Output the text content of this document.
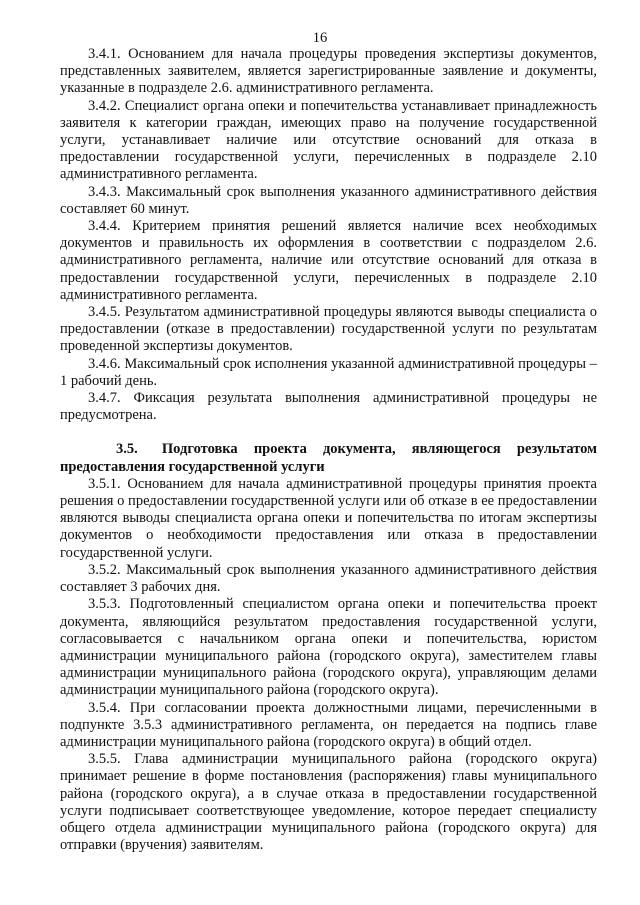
16

3.4.1. Основанием для начала процедуры проведения экспертизы документов, представленных заявителем, является зарегистрированные заявление и документы, указанные в подразделе 2.6. административного регламента.

3.4.2. Специалист органа опеки и попечительства устанавливает принадлежность заявителя к категории граждан, имеющих право на получение государственной услуги, устанавливает наличие или отсутствие оснований для отказа в предоставлении государственной услуги, перечисленных в подразделе 2.10 административного регламента.

3.4.3. Максимальный срок выполнения указанного административного действия составляет 60 минут.

3.4.4. Критерием принятия решений является наличие всех необходимых документов и правильность их оформления в соответствии с подразделом 2.6. административного регламента, наличие или отсутствие оснований для отказа в предоставлении государственной услуги, перечисленных в подразделе 2.10 административного регламента.

3.4.5. Результатом административной процедуры являются выводы специалиста о предоставлении (отказе в предоставлении) государственной услуги по результатам проведенной экспертизы документов.

3.4.6. Максимальный срок исполнения указанной административной процедуры – 1 рабочий день.

3.4.7. Фиксация результата выполнения административной процедуры не предусмотрена.

3.5. Подготовка проекта документа, являющегося результатом предоставления государственной услуги

3.5.1. Основанием для начала административной процедуры принятия проекта решения о предоставлении государственной услуги или об отказе в ее предоставлении являются выводы специалиста органа опеки и попечительства по итогам экспертизы документов о необходимости предоставления или отказа в предоставлении государственной услуги.

3.5.2. Максимальный срок выполнения указанного административного действия составляет 3 рабочих дня.

3.5.3. Подготовленный специалистом органа опеки и попечительства проект документа, являющийся результатом предоставления государственной услуги, согласовывается с начальником органа опеки и попечительства, юристом администрации муниципального района (городского округа), заместителем главы администрации муниципального района (городского округа), управляющим делами администрации муниципального района (городского округа).

3.5.4. При согласовании проекта должностными лицами, перечисленными в подпункте 3.5.3 административного регламента, он передается на подпись главе администрации муниципального района (городского округа) в общий отдел.

3.5.5. Глава администрации муниципального района (городского округа) принимает решение в форме постановления (распоряжения) главы муниципального района (городского округа), а в случае отказа в предоставлении государственной услуги подписывает соответствующее уведомление, которое передает специалисту общего отдела администрации муниципального района (городского округа) для отправки (вручения) заявителям.
